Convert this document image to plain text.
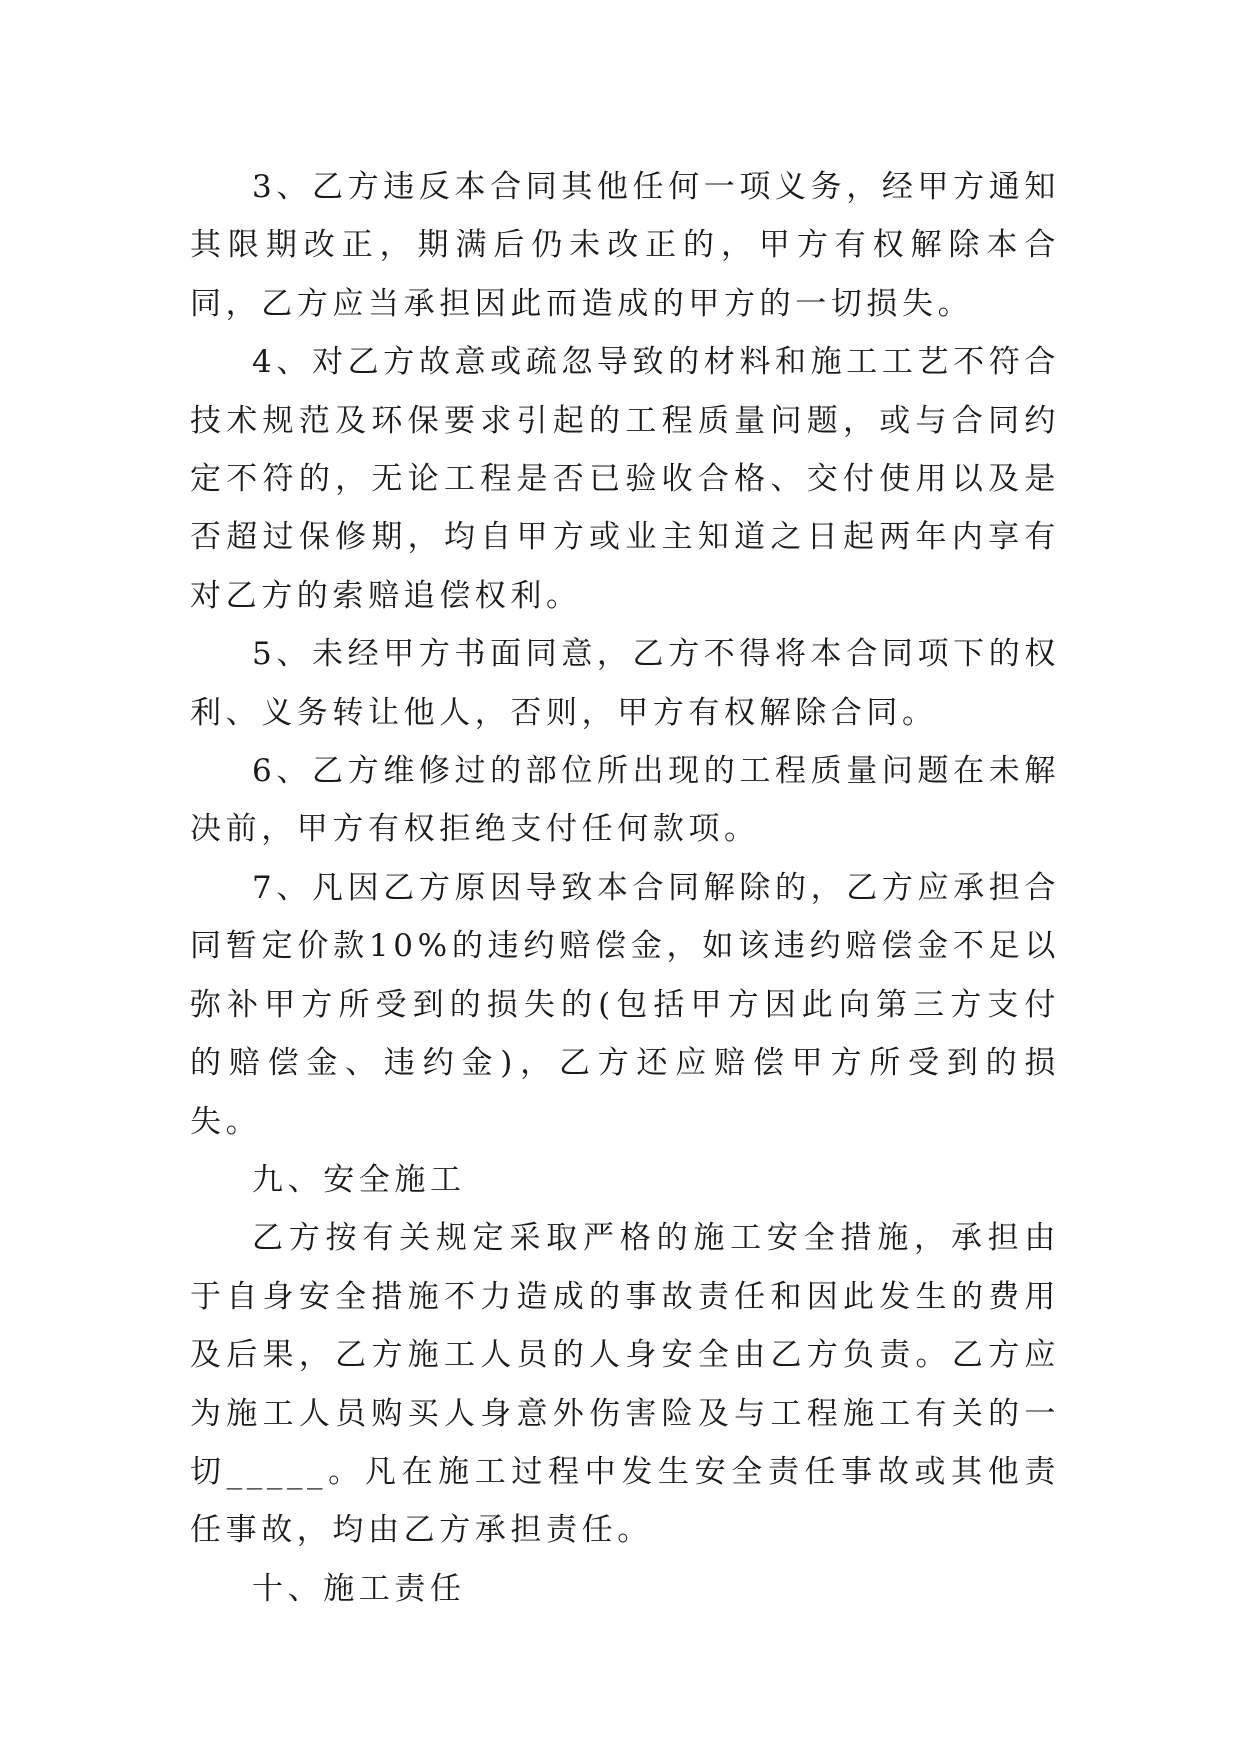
3、乙方违反本合同其他任何一项义务，经甲方通知其限期改正，期满后仍未改正的，甲方有权解除本合同，乙方应当承担因此而造成的甲方的一切损失。

4、对乙方故意或疏忽导致的材料和施工工艺不符合技术规范及环保要求引起的工程质量问题，或与合同约定不符的，无论工程是否已验收合格、交付使用以及是否超过保修期，均自甲方或业主知道之日起两年内享有对乙方的索赔追偿权利。

5、未经甲方书面同意，乙方不得将本合同项下的权利、义务转让他人，否则，甲方有权解除合同。

6、乙方维修过的部位所出现的工程质量问题在未解决前，甲方有权拒绝支付任何款项。

7、凡因乙方原因导致本合同解除的，乙方应承担合同暂定价款10%的违约赔偿金，如该违约赔偿金不足以弥补甲方所受到的损失的(包括甲方因此向第三方支付的赔偿金、违约金)，乙方还应赔偿甲方所受到的损失。

九、安全施工

乙方按有关规定采取严格的施工安全措施，承担由于自身安全措施不力造成的事故责任和因此发生的费用及后果，乙方施工人员的人身安全由乙方负责。乙方应为施工人员购买人身意外伤害险及与工程施工有关的一切_____。凡在施工过程中发生安全责任事故或其他责任事故，均由乙方承担责任。

十、施工责任
